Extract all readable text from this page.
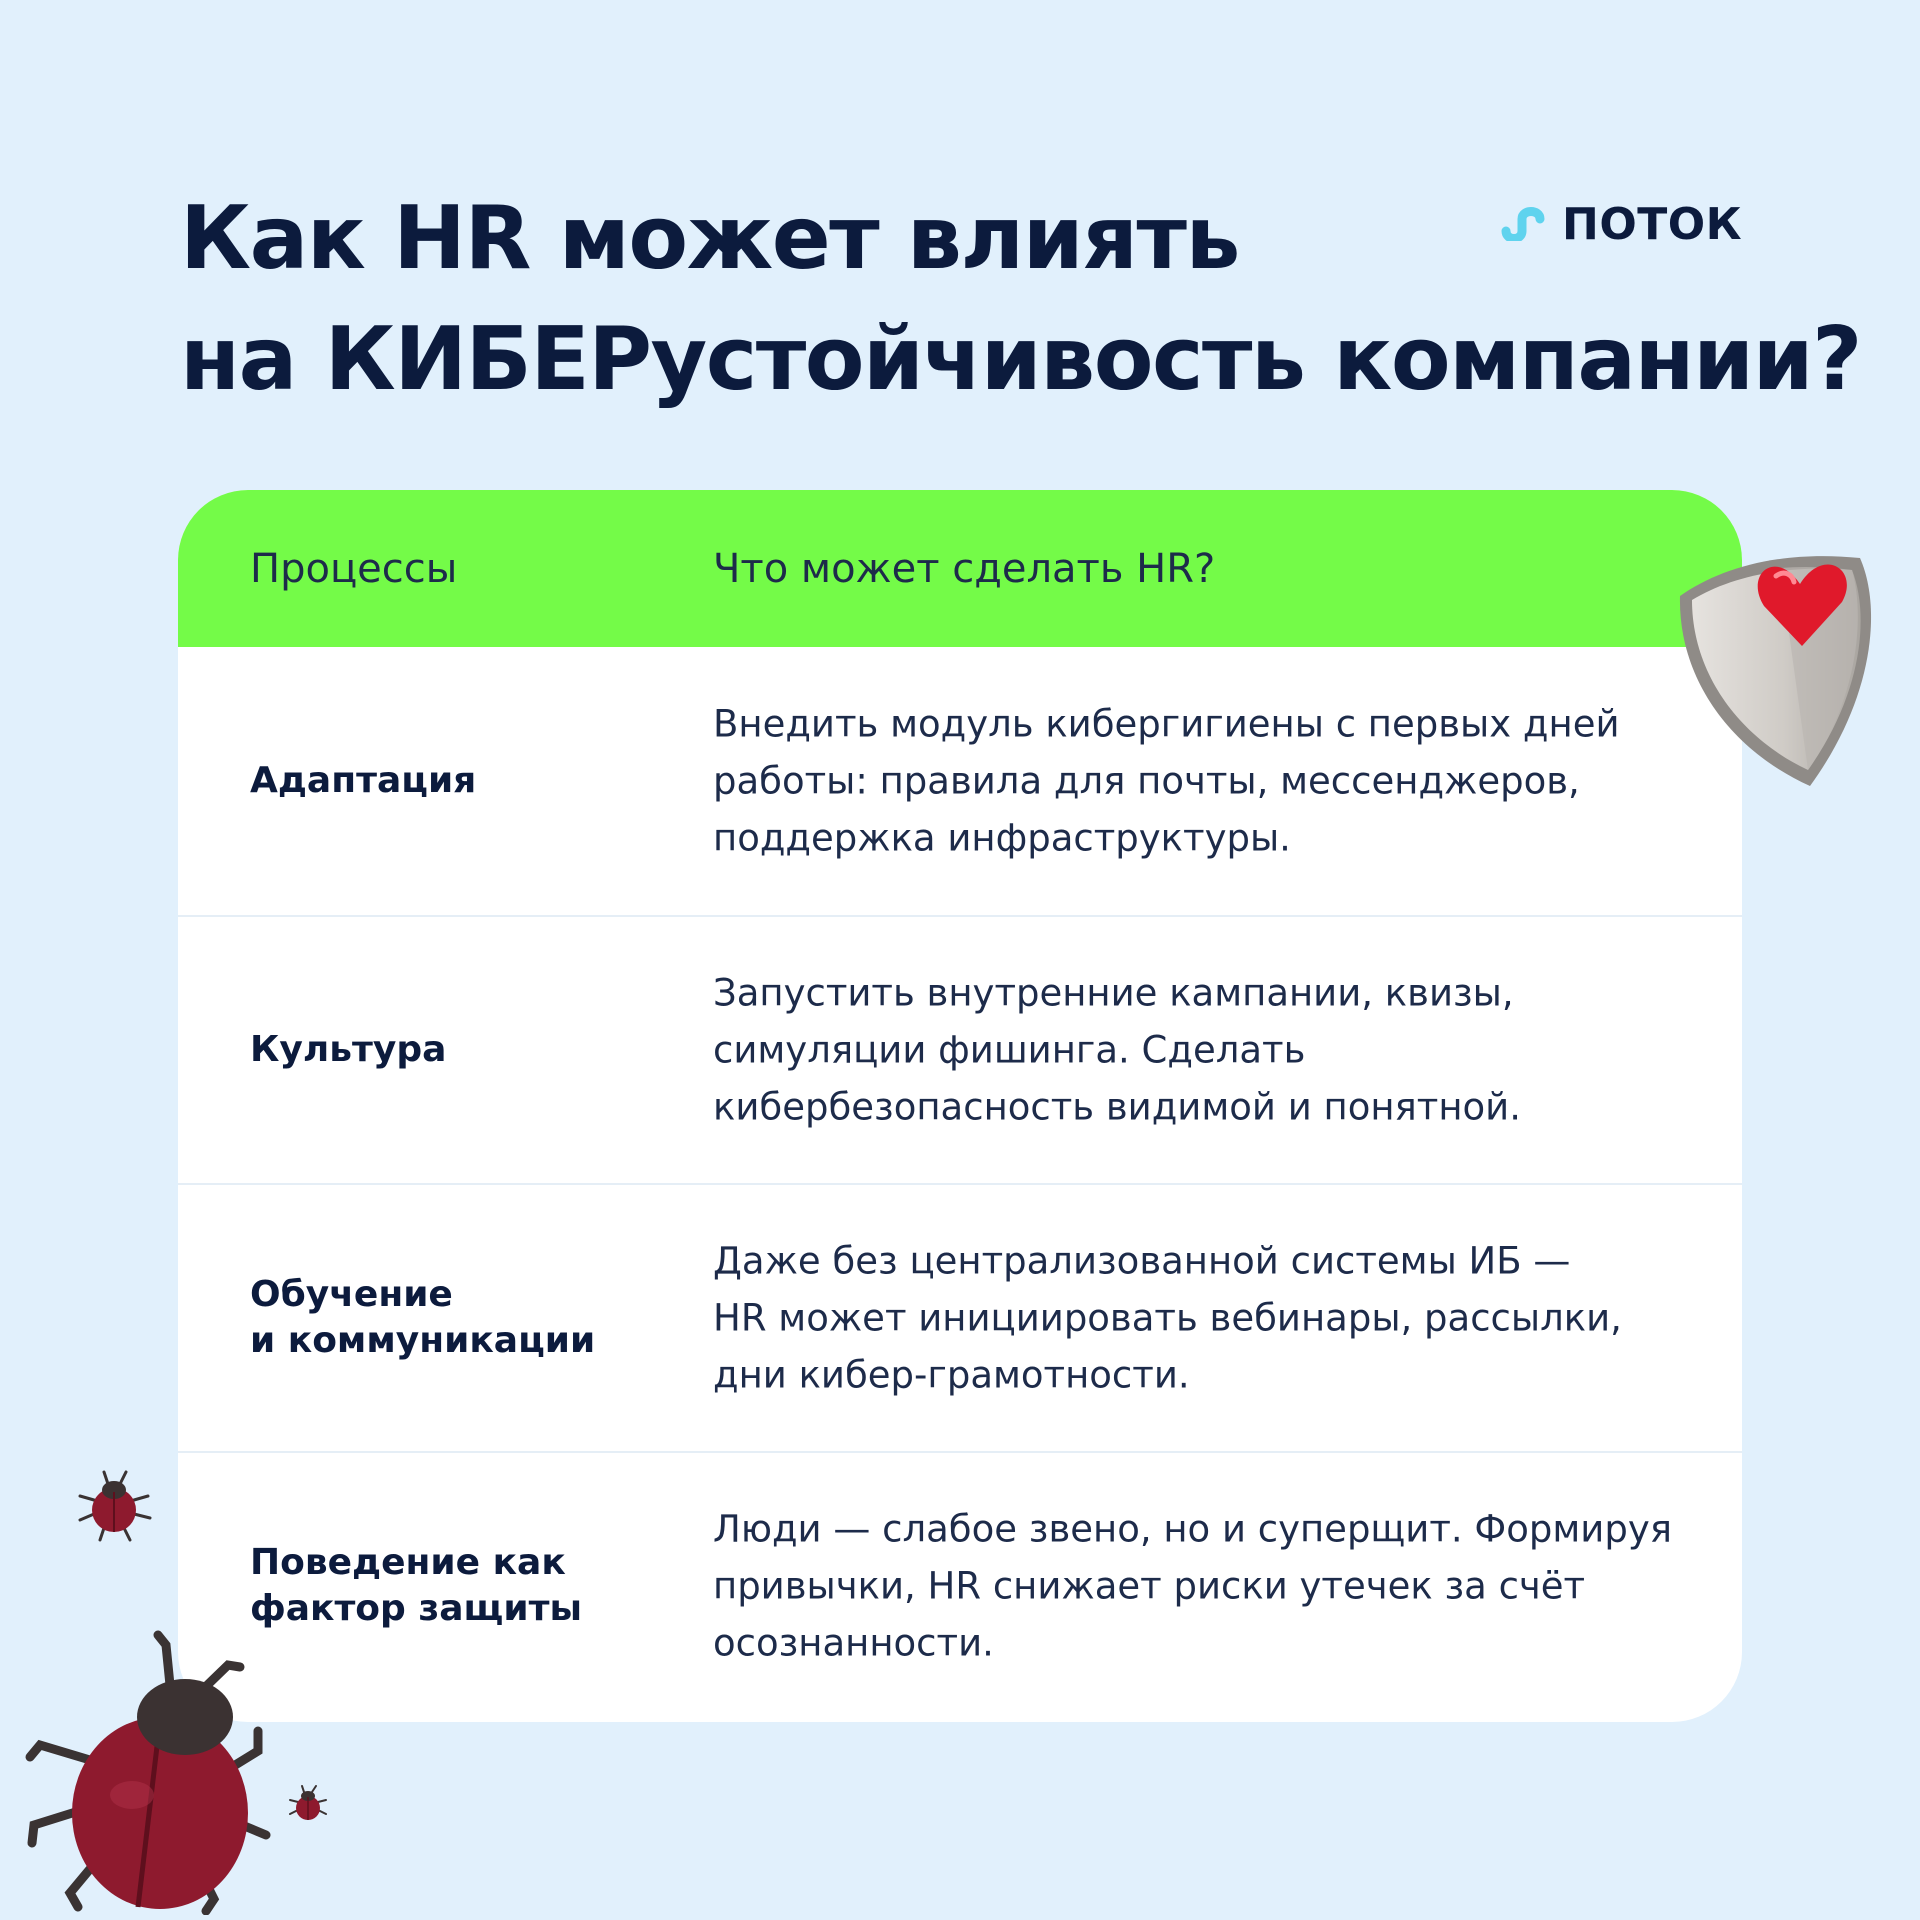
Как HR может влиять
на КИБЕРустойчивость компании?
ПОТОК
Процессы	Что может сделать HR?
Адаптация
Внедить модуль кибергигиены с первых дней
работы: правила для почты, мессенджеров,
поддержка инфраструктуры.
Культура
Запустить внутренние кампании, квизы,
симуляции фишинга. Сделать
кибербезопасность видимой и понятной.
Обучение
и коммуникации
Даже без централизованной системы ИБ —
HR может инициировать вебинары, рассылки,
дни кибер-грамотности.
Поведение как
фактор защиты
Люди — слабое звено, но и суперщит. Формируя
привычки, HR снижает риски утечек за счёт
осознанности.
